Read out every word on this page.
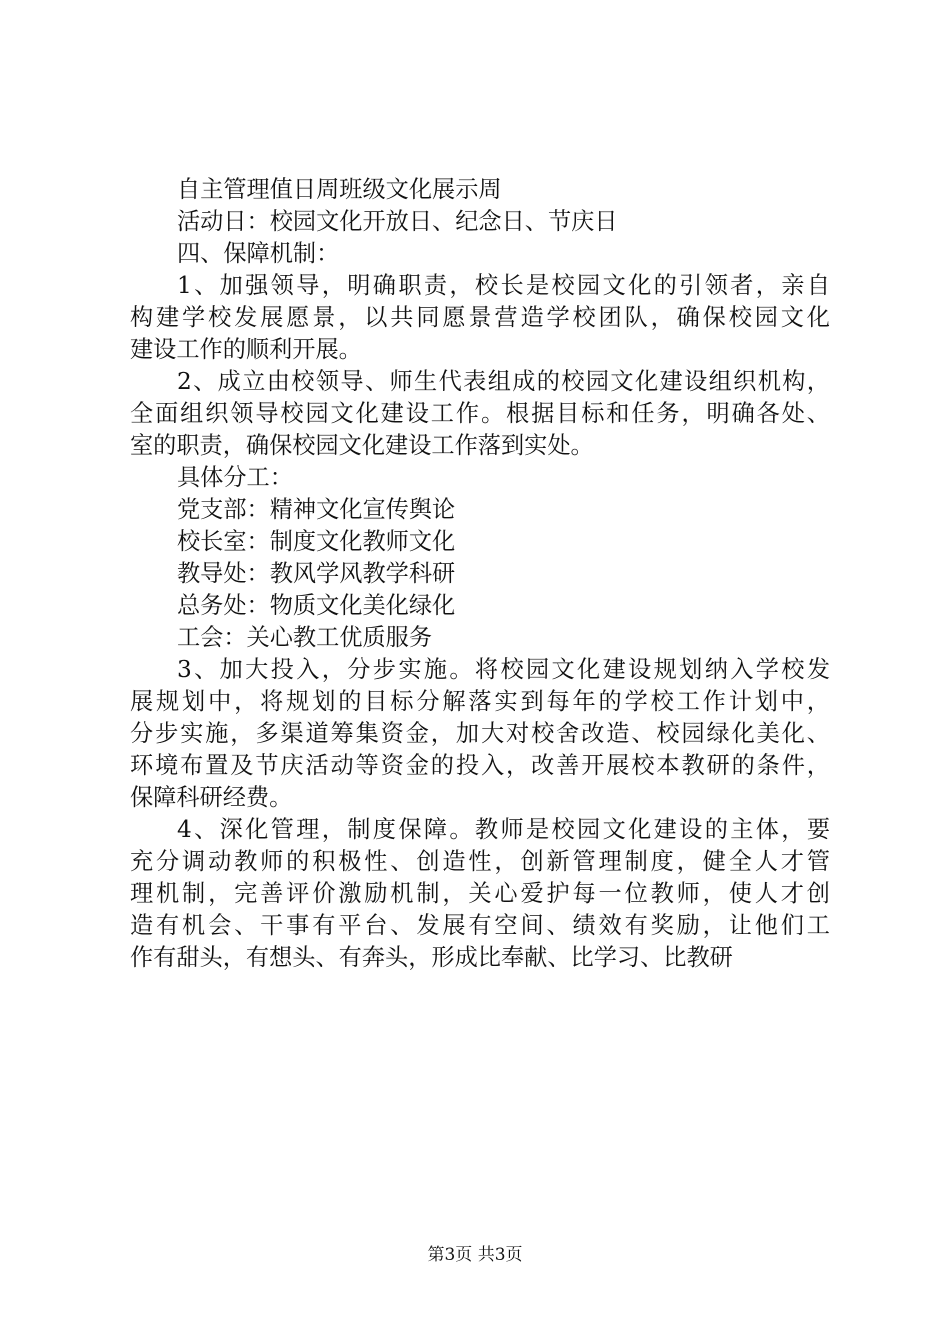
自主管理值日周班级文化展示周
活动日：校园文化开放日、纪念日、节庆日
四、保障机制：
1、加强领导，明确职责，校长是校园文化的引领者，亲自
构建学校发展愿景，以共同愿景营造学校团队，确保校园文化
建设工作的顺利开展。
2、成立由校领导、师生代表组成的校园文化建设组织机构，
全面组织领导校园文化建设工作。根据目标和任务，明确各处、
室的职责，确保校园文化建设工作落到实处。
具体分工：
党支部：精神文化宣传舆论
校长室：制度文化教师文化
教导处：教风学风教学科研
总务处：物质文化美化绿化
工会：关心教工优质服务
3、加大投入，分步实施。将校园文化建设规划纳入学校发
展规划中，将规划的目标分解落实到每年的学校工作计划中，
分步实施，多渠道筹集资金，加大对校舍改造、校园绿化美化、
环境布置及节庆活动等资金的投入，改善开展校本教研的条件，
保障科研经费。
4、深化管理，制度保障。教师是校园文化建设的主体，要
充分调动教师的积极性、创造性，创新管理制度，健全人才管
理机制，完善评价激励机制，关心爱护每一位教师，使人才创
造有机会、干事有平台、发展有空间、绩效有奖励，让他们工
作有甜头，有想头、有奔头，形成比奉献、比学习、比教研
第3页 共3页
